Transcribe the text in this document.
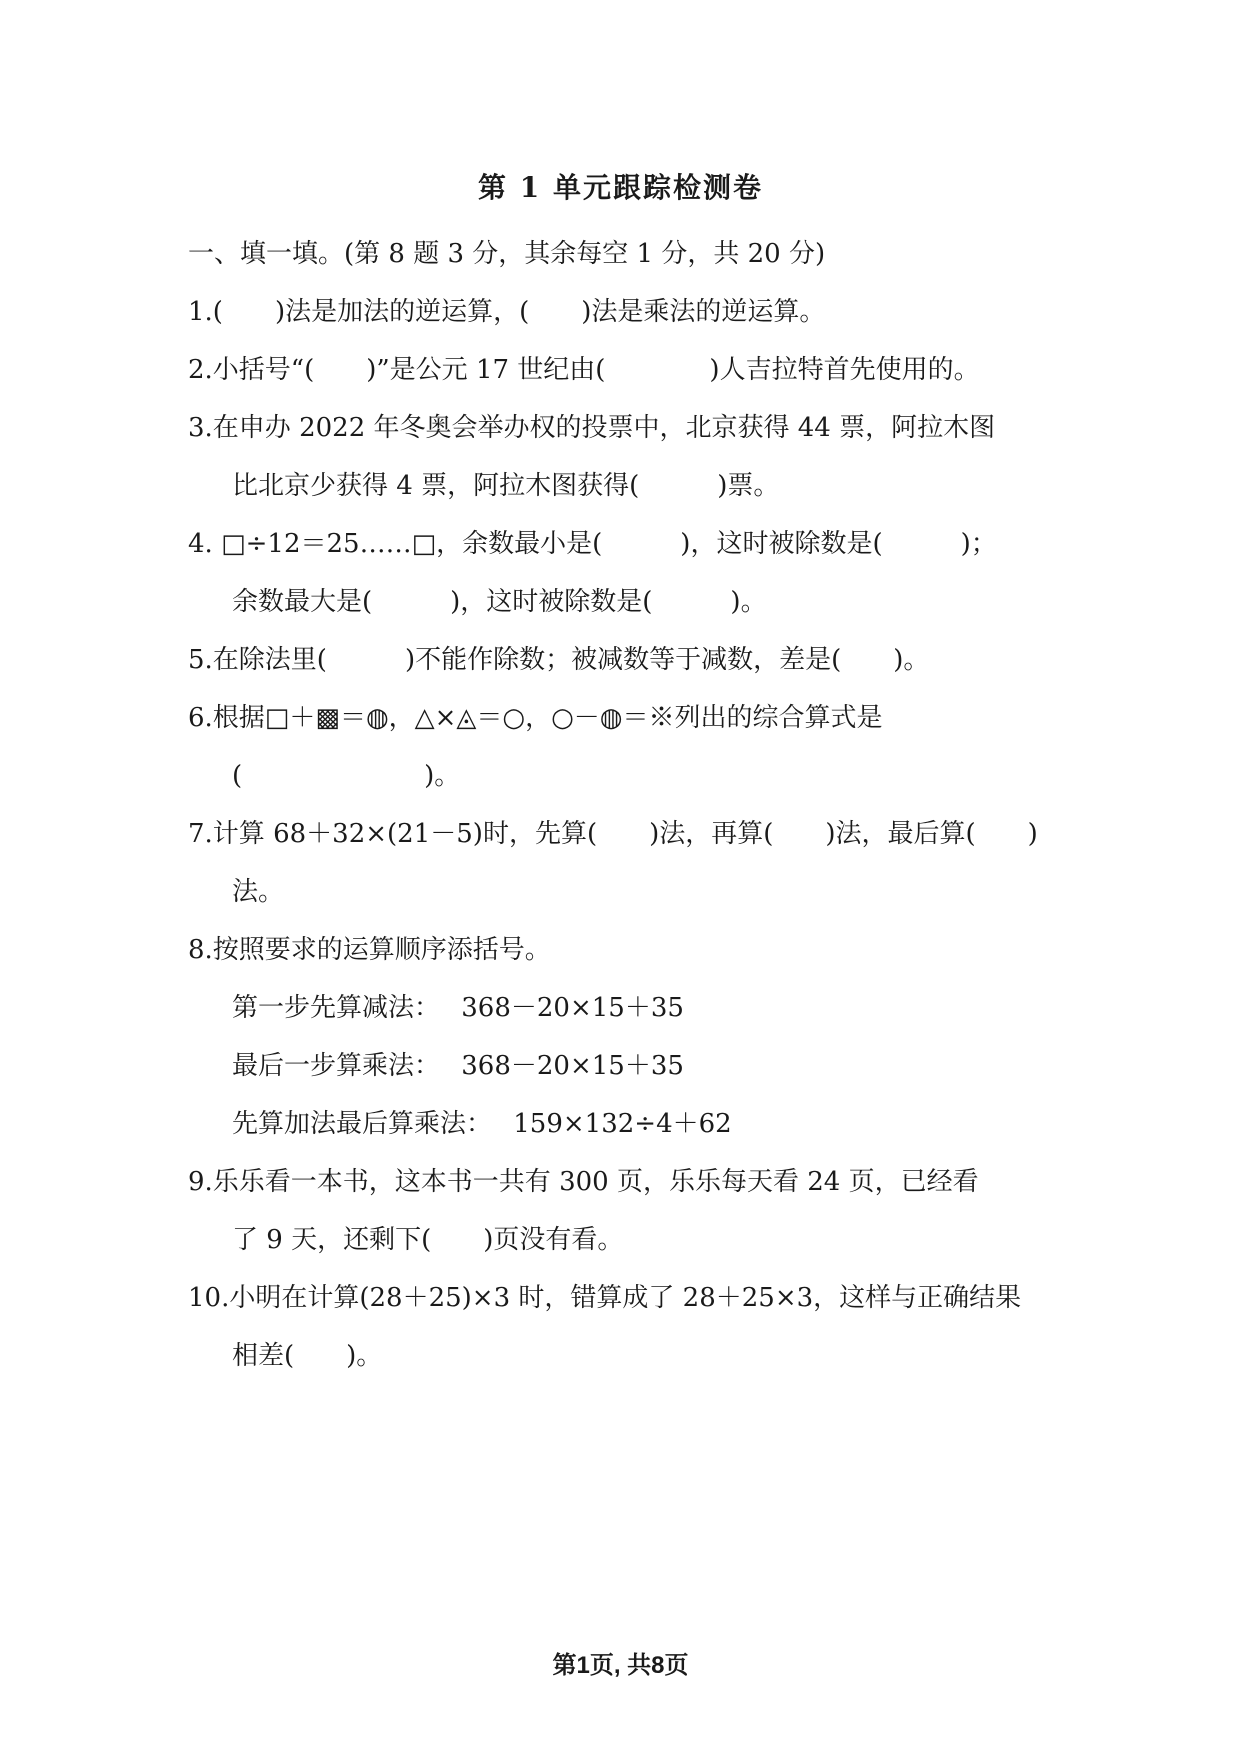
第 1 单元跟踪检测卷
一、填一填。(第 8 题 3 分，其余每空 1 分，共 20 分)
1.(　　)法是加法的逆运算，(　　)法是乘法的逆运算。
2.小括号“(　　)”是公元 17 世纪由(　　　　)人吉拉特首先使用的。
3.在申办 2022 年冬奥会举办权的投票中，北京获得 44 票，阿拉木图
比北京少获得 4 票，阿拉木图获得(　　　)票。
4. □÷12＝25……□，余数最小是(　　　)，这时被除数是(　　　)；
余数最大是(　　　)，这时被除数是(　　　)。
5.在除法里(　　　)不能作除数；被减数等于减数，差是(　　)。
6.根据□＋▩＝◍，△×◬＝○，○－◍＝※列出的综合算式是
(　　　　　　　)。
7.计算 68＋32×(21－5)时，先算(　　)法，再算(　　)法，最后算(　　)
法。
8.按照要求的运算顺序添括号。
第一步先算减法：　 368－20×15＋35
最后一步算乘法：　 368－20×15＋35
先算加法最后算乘法：　 159×132÷4＋62
9.乐乐看一本书，这本书一共有 300 页，乐乐每天看 24 页，已经看
了 9 天，还剩下(　　)页没有看。
10.小明在计算(28＋25)×3 时，错算成了 28＋25×3，这样与正确结果
相差(　　)。
第1页, 共8页
